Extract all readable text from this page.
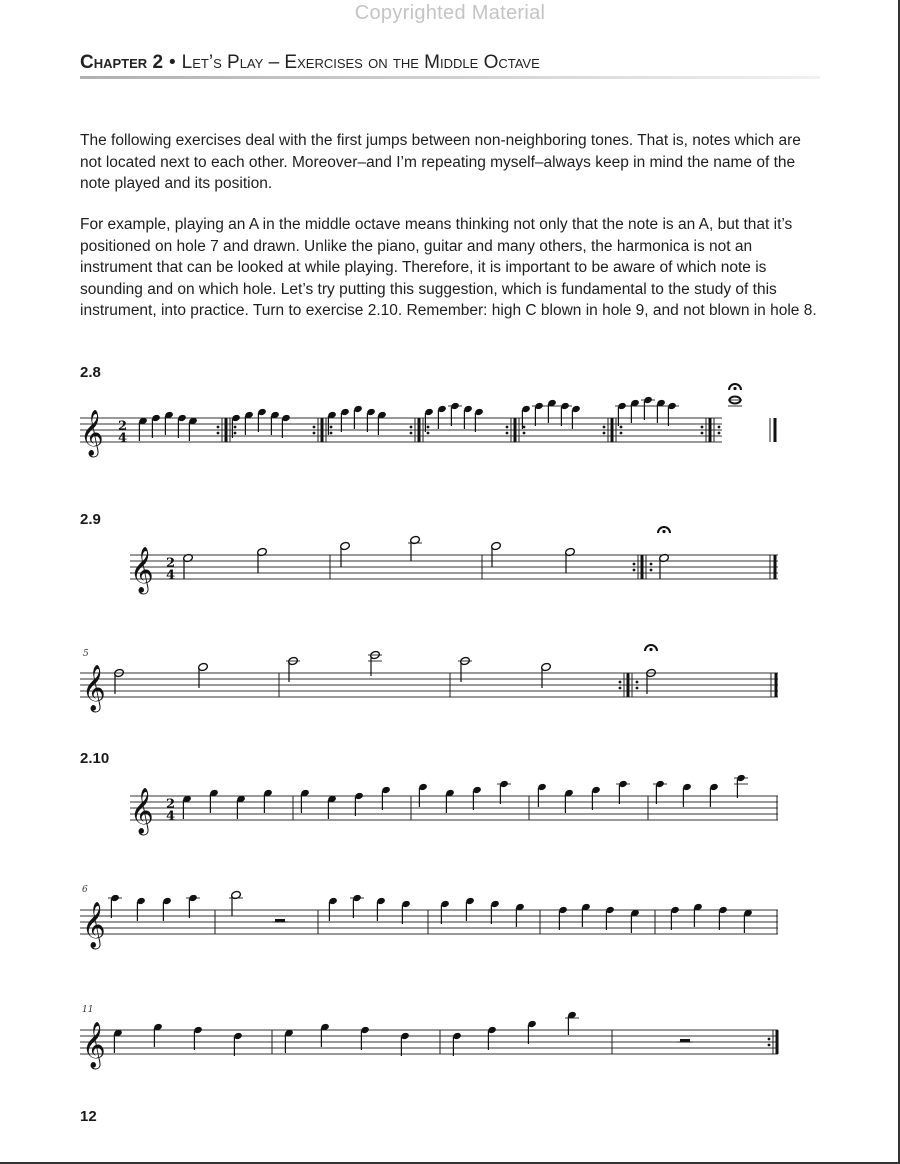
Copyrighted Material
Chapter 2 • Let’s Play – Exercises on the Middle Octave

The following exercises deal with the first jumps between non-neighboring tones. That is, notes which are not located next to each other. Moreover–and I’m repeating myself–always keep in mind the name of the note played and its position.

For example, playing an A in the middle octave means thinking not only that the note is an A, but that it’s positioned on hole 7 and drawn. Unlike the piano, guitar and many others, the harmonica is not an instrument that can be looked at while playing. Therefore, it is important to be aware of which note is sounding and on which hole. Let’s try putting this suggestion, which is fundamental to the study of this instrument, into practice. Turn to exercise 2.10. Remember: high C blown in hole 9, and not blown in hole 8.

2.8
2.9
2.10
𝄞 2
4
𝄞 2
4
5
𝄞
𝄞 2
4
6
𝄞
11
𝄞
12
